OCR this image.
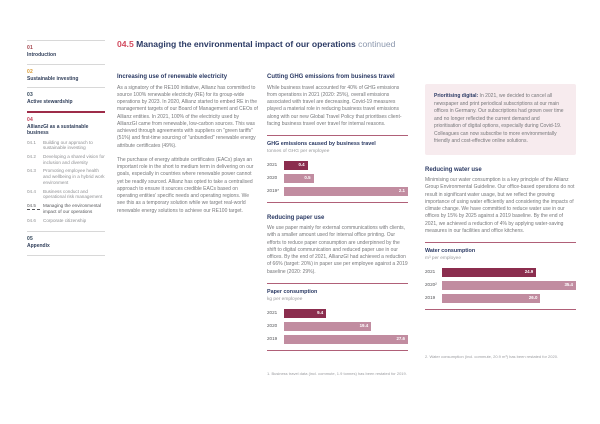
01
Introduction
02
Sustainable investing
03
Active stewardship
04
AllianzGI as a sustainable business
04.1	Building our approach to sustainable investing
04.2	Developing a shared vision for inclusion and diversity
04.3	Promoting employee health and wellbeing in a hybrid work environment
04.4	Business conduct and operational risk management
04.5	Managing the environmental impact of our operations
04.6	Corporate citizenship
05
Appendix
04.5 Managing the environmental impact of our operations continued
Increasing use of renewable electricity

As a signatory of the RE100 initiative, Allianz has committed to source 100% renewable electricity (RE) for its group-wide operations by 2023. In 2020, Allianz started to embed RE in the management targets of our Board of Management and CEOs of Allianz entities. In 2021, 100% of the electricity used by AllianzGI came from renewable, low-carbon sources. This was achieved through agreements with suppliers on “green tariffs” (51%) and first-time sourcing of “unbundled” renewable energy attribute certificates (49%).

The purchase of energy attribute certificates (EACs) plays an important role in the short to medium term in delivering on our goals, especially in countries where renewable power cannot yet be readily sourced. Allianz has opted to take a centralised approach to ensure it sources credible EACs based on operating entities’ specific needs and operating regions. We see this as a temporary solution while we target real-world renewable energy solutions to achieve our RE100 target.

Cutting GHG emissions from business travel

While business travel accounted for 40% of GHG emissions from operations in 2021 (2020: 25%), overall emissions associated with travel are decreasing. Covid-19 measures played a material role in reducing business travel emissions along with our new Global Travel Policy that prioritises client-facing business travel over travel for internal reasons.

GHG emissions caused by business travel
tonnes of GHG per employee
2021	0.4
2020	0.5
2019*	2.1
Reducing paper use

We use paper mainly for external communications with clients, with a smaller amount used for internal office printing. Our efforts to reduce paper consumption are underpinned by the shift to digital communication and reduced paper use in our offices. By the end of 2021, AllianzGI had achieved a reduction of 66% (target: 20%) in paper use per employee against a 2019 baseline (2020: 29%).

Paper consumption
kg per employee
2021	9.4
2020	19.4
2019	27.6

1. Business travel data (incl. commute, 1.9 tonnes) has been restated for 2019.

Prioritising digital: In 2021, we decided to cancel all newspaper and print periodical subscriptions at our main offices in Germany. Our subscriptions had grown over time and no longer reflected the current demand and prioritisation of digital options, especially during Covid-19. Colleagues can now subscribe to more environmentally friendly and cost-effective online solutions.
Reducing water use

Minimising our water consumption is a key principle of the Allianz Group Environmental Guideline. Our office-based operations do not result in significant water usage, but we reflect the growing importance of using water efficiently and considering the impacts of climate change. We have committed to reduce water use in our offices by 15% by 2025 against a 2019 baseline. By the end of 2021, we achieved a reduction of 4% by applying water-saving measures in our facilities and office kitchens.

Water consumption
m³ per employee
2021	24.9
2020²	35.4
2019	26.0

2. Water consumption (incl. commute, 20.9 m³) has been restated for 2020.
